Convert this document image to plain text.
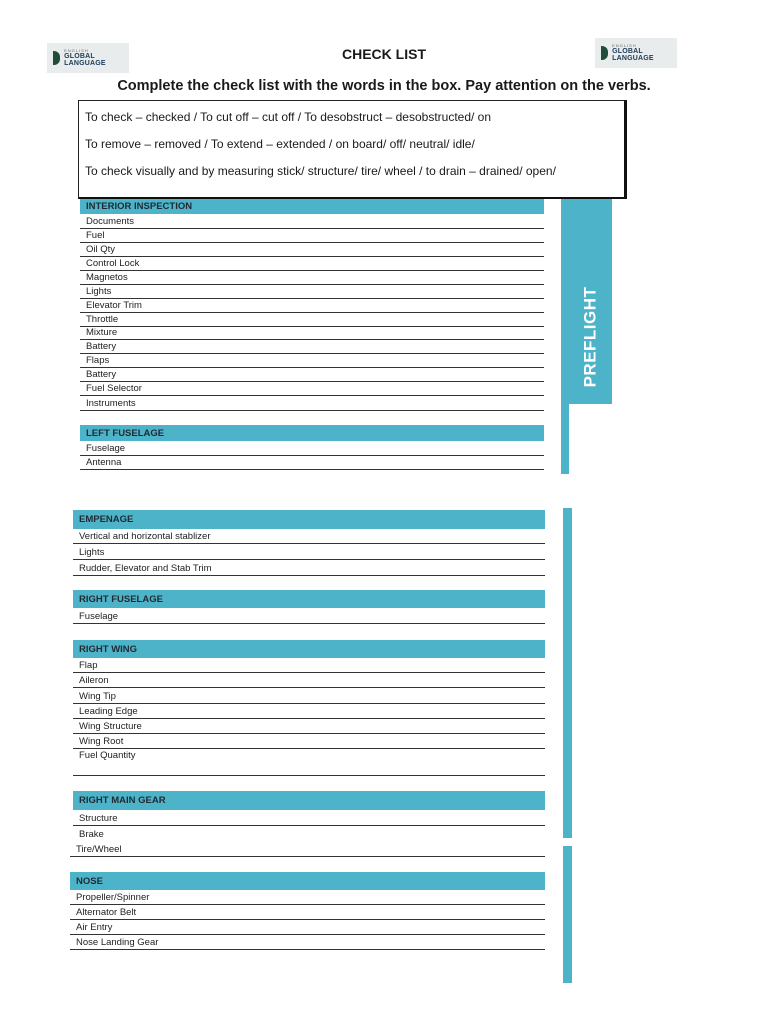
ENGLISH
GLOBAL LANGUAGE
ENGLISH
GLOBAL LANGUAGE
CHECK LIST
Complete the check list with the words in the box. Pay attention on the verbs.
To check – checked / To cut off – cut off / To desobstruct – desobstructed/ on
To remove – removed / To extend – extended / on board/ off/ neutral/ idle/
To check visually and by measuring stick/ structure/ tire/ wheel / to drain – drained/ open/
PREFLIGHT
INTERIOR INSPECTION
Documents
Fuel
Oil Qty
Control Lock
Magnetos
Lights
Elevator Trim
Throttle
Mixture
Battery
Flaps
Battery
Fuel Selector
Instruments
LEFT FUSELAGE
Fuselage
Antenna
EMPENAGE
Vertical and horizontal stablizer
Lights
Rudder, Elevator and Stab Trim
RIGHT FUSELAGE
Fuselage
RIGHT WING
Flap
Aileron
Wing Tip
Leading Edge
Wing Structure
Wing Root
Fuel Quantity
RIGHT MAIN GEAR
Structure
Brake
Tire/Wheel
NOSE
Propeller/Spinner
Alternator Belt
Air Entry
Nose Landing Gear
